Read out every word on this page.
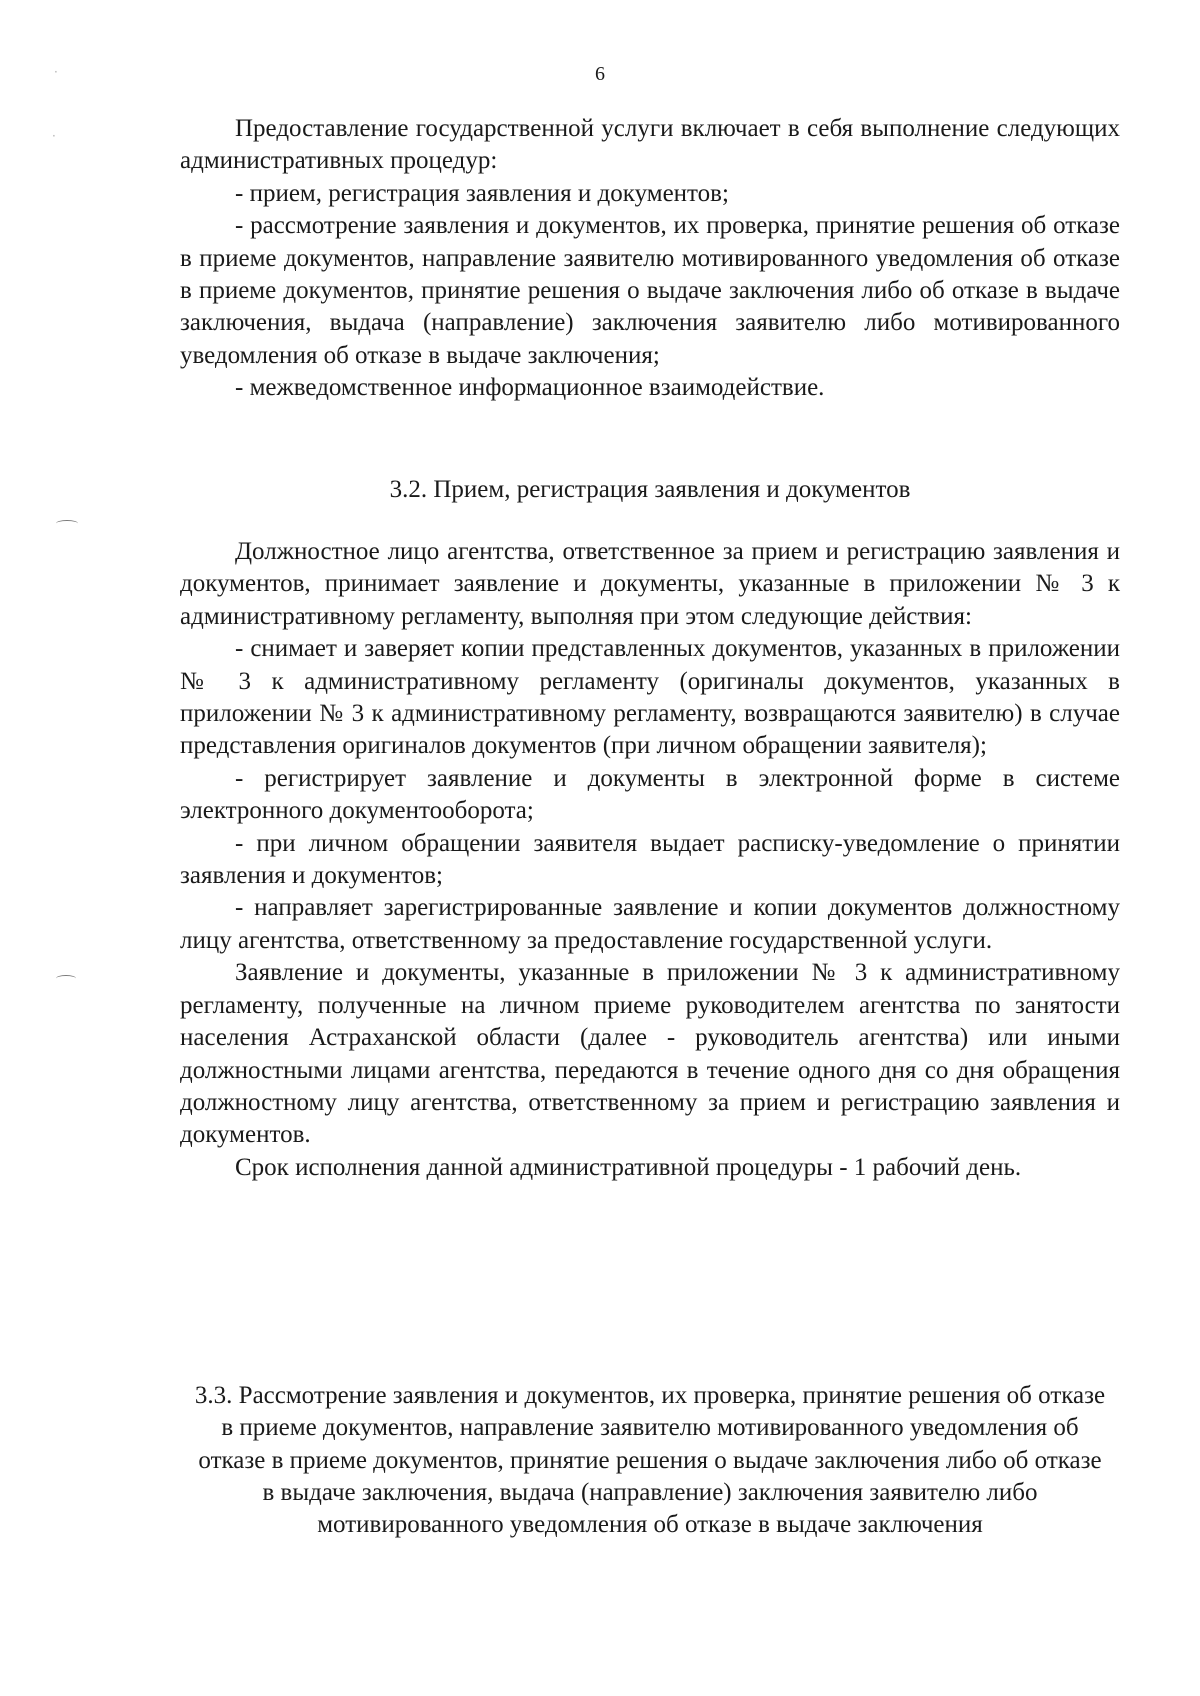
·
·
6

Предоставление государственной услуги включает в себя выполнение следующих административных процедур:

- прием, регистрация заявления и документов;

- рассмотрение заявления и документов, их проверка, принятие решения об отказе в приеме документов, направление заявителю мотивированного уведомления об отказе в приеме документов, принятие решения о выдаче заключения либо об отказе в выдаче заключения, выдача (направление) заключения заявителю либо мотивированного уведомления об отказе в выдаче заключения;

- межведомственное информационное взаимодействие.

3.2. Прием, регистрация заявления и документов

Должностное лицо агентства, ответственное за прием и регистрацию заявления и документов, принимает заявление и документы, указанные в приложении № 3 к административному регламенту, выполняя при этом следующие действия:

- снимает и заверяет копии представленных документов, указанных в приложении № 3 к административному регламенту (оригиналы документов, указанных в приложении № 3 к административному регламенту, возвращаются заявителю) в случае представления оригиналов документов (при личном обращении заявителя);

- регистрирует заявление и документы в электронной форме в системе электронного документооборота;

- при личном обращении заявителя выдает расписку-уведомление о принятии заявления и документов;

- направляет зарегистрированные заявление и копии документов должностному лицу агентства, ответственному за предоставление государственной услуги.

Заявление и документы, указанные в приложении № 3 к административному регламенту, полученные на личном приеме руководителем агентства по занятости населения Астраханской области (далее - руководитель агентства) или иными должностными лицами агентства, передаются в течение одного дня со дня обращения должностному лицу агентства, ответственному за прием и регистрацию заявления и документов.

Срок исполнения данной административной процедуры - 1 рабочий день.

3.3. Рассмотрение заявления и документов, их проверка, принятие решения об отказе в приеме документов, направление заявителю мотивированного уведомления об отказе в приеме документов, принятие решения о выдаче заключения либо об отказе в выдаче заключения, выдача (направление) заключения заявителю либо мотивированного уведомления об отказе в выдаче заключения
